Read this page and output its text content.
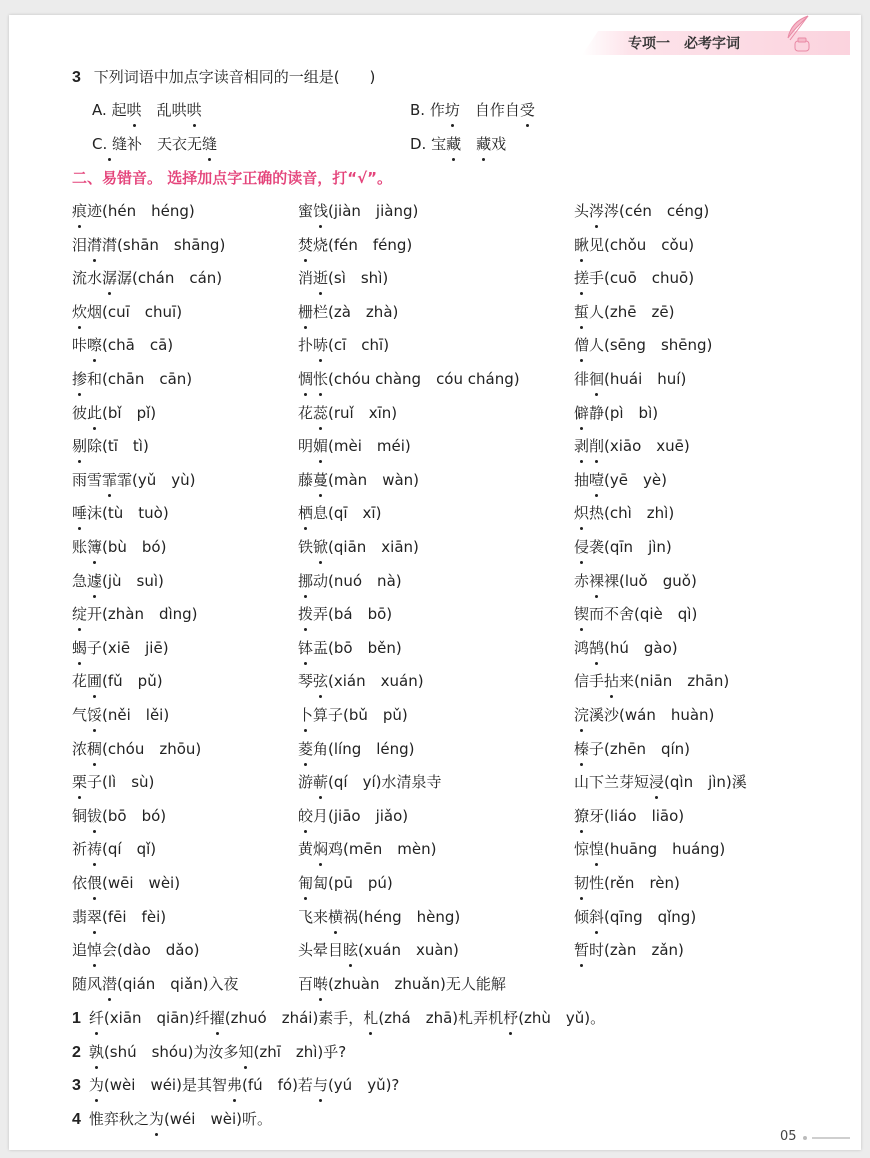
专项一　必考字词
3 下列词语中加点字读音相同的一组是(　　)
A. 起哄　乱哄哄	B. 作坊　自作自受
C. 缝补　天衣无缝	D. 宝藏　 藏戏
二、易错音。 选择加点字正确的读音，打“√”。
痕迹(hén　héng)	蜜饯(jiàn　jiàng)	头涔涔(cén　céng)
泪潸潸(shān　shāng)	焚烧(fén　féng)	瞅见(chǒu　cǒu)
流水潺潺(chán　cán)	消逝(sì　shì)	搓手(cuō　chuō)
炊烟(cuī　chuī)	栅栏(zà　zhà)	蜇人(zhē　zē)
咔嚓(chā　cā)	扑哧(cī　chī)	僧人(sēng　shēng)
掺和(chān　cān)	惆怅(chóu chàng　cóu cháng)	徘徊(huái　huí)
彼此(bǐ　pǐ)	花蕊(ruǐ　xīn)	僻静(pì　bì)
剔除(tī　tì)	明媚(mèi　méi)	剥削(xiāo　xuē)
雨雪霏霏(yǔ　yù)	藤蔓(màn　wàn)	抽噎(yē　yè)
唾沫(tù　tuò)	栖息(qī　xī)	炽热(chì　zhì)
账簿(bù　bó)	铁锨(qiān　xiān)	侵袭(qīn　jìn)
急遽(jù　suì)	挪动(nuó　nà)	赤裸裸(luǒ　guǒ)
绽开(zhàn　dìng)	拨弄(bá　bō)	锲而不舍(qiè　qì)
蝎子(xiē　jiē)	钵盂(bō　běn)	鸿鹄(hú　gào)
花圃(fǔ　pǔ)	琴弦(xián　xuán)	信手拈来(niān　zhān)
气馁(něi　lěi)	卜算子(bǔ　pǔ)	浣溪沙(wán　huàn)
浓稠(chóu　zhōu)	菱角(líng　léng)	榛子(zhēn　qín)
栗子(lì　sù)	游蕲(qí　yí)水清泉寺	山下兰芽短浸(qìn　jìn)溪
铜钹(bō　bó)	皎月(jiāo　jiǎo)	獠牙(liáo　liāo)
祈祷(qí　qǐ)	黄焖鸡(mēn　mèn)	惊惶(huāng　huáng)
依偎(wēi　wèi)	匍匐(pū　pú)	韧性(rěn　rèn)
翡翠(fēi　fèi)	飞来横祸(héng　hèng)	倾斜(qīng　qǐng)
追悼会(dào　dǎo)	头晕目眩(xuán　xuàn)	暂时(zàn　zǎn)
随风潜(qián　qiǎn)入夜	百啭(zhuàn　zhuǎn)无人能解
1 纤(xiān　qiān)纤擢(zhuó　zhái)素手，札(zhá　zhā)札弄机杼(zhù　yǔ)。
2 孰(shú　shóu)为汝多知(zhī　zhì)乎?
3 为(wèi　wéi)是其智弗(fú　fó)若与(yú　yǔ)?
4 惟弈秋之为(wéi　wèi)听。
05
